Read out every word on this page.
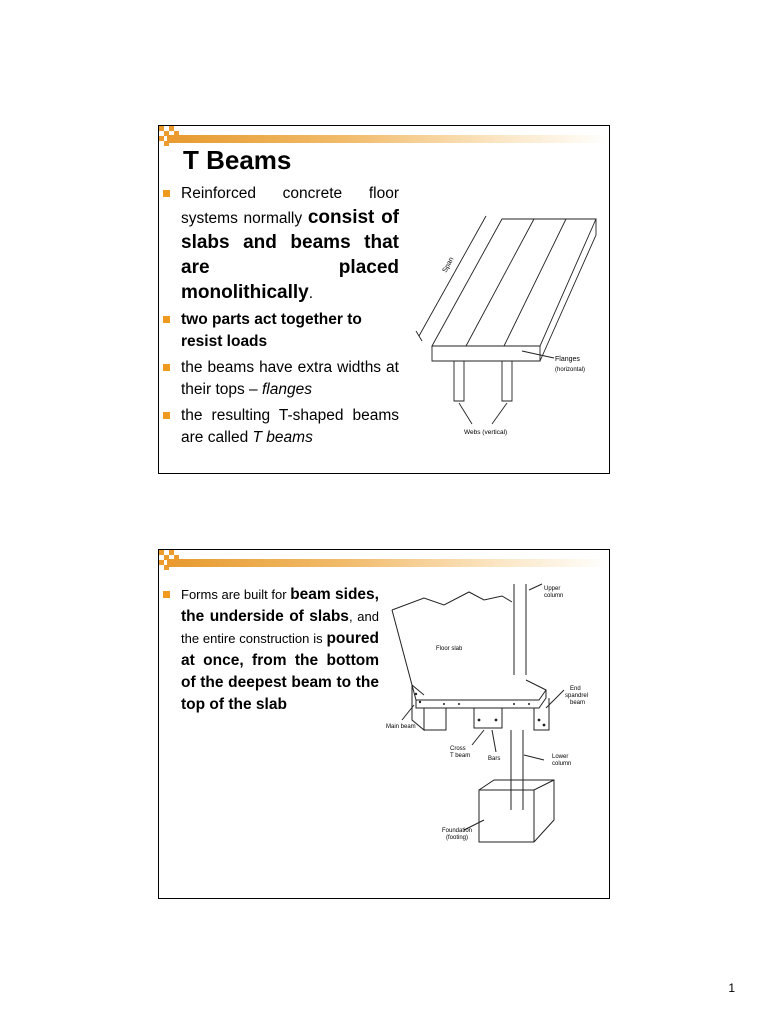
T Beams
Reinforced concrete floor systems normally consist of slabs and beams that are placed monolithically.
two parts act together to resist loads
the beams have extra widths at their tops – flanges
the resulting T-shaped beams are called T beams
Span
Flanges
(horizontal)
Webs (vertical)
Forms are built for beam sides, the underside of slabs, and the entire construction is poured at once, from the bottom of the deepest beam to the top of the slab
Upper
column
Floor slab
End
spandrel
beam
Main beam
Cross
T beam	Bars	Lower
column
Foundation
(footing)
1
